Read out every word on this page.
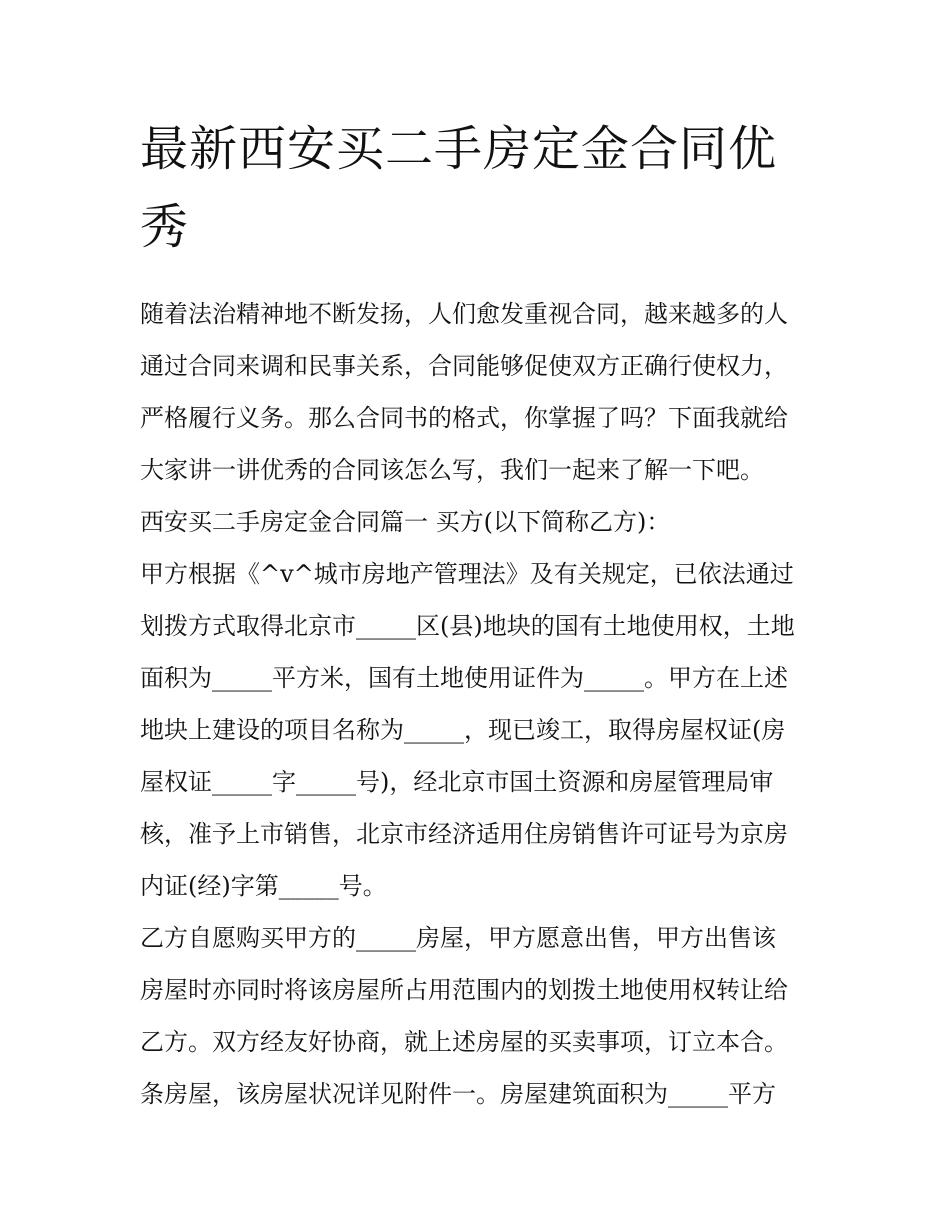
最新西安买二手房定金合同优
秀

随着法治精神地不断发扬，人们愈发重视合同，越来越多的人
通过合同来调和民事关系，合同能够促使双方正确行使权力，
严格履行义务。那么合同书的格式，你掌握了吗？下面我就给
大家讲一讲优秀的合同该怎么写，我们一起来了解一下吧。

西安买二手房定金合同篇一 买方(以下简称乙方)：

甲方根据《^v^城市房地产管理法》及有关规定，已依法通过
划拨方式取得北京市_____区(县)地块的国有土地使用权，土地
面积为_____平方米，国有土地使用证件为_____。甲方在上述
地块上建设的项目名称为_____，现已竣工，取得房屋权证(房
屋权证_____字_____号)，经北京市国土资源和房屋管理局审
核，准予上市销售，北京市经济适用住房销售许可证号为京房
内证(经)字第_____号。

乙方自愿购买甲方的_____房屋，甲方愿意出售，甲方出售该
房屋时亦同时将该房屋所占用范围内的划拨土地使用权转让给
乙方。双方经友好协商，就上述房屋的买卖事项，订立本合。
条房屋，该房屋状况详见附件一。房屋建筑面积为_____平方
